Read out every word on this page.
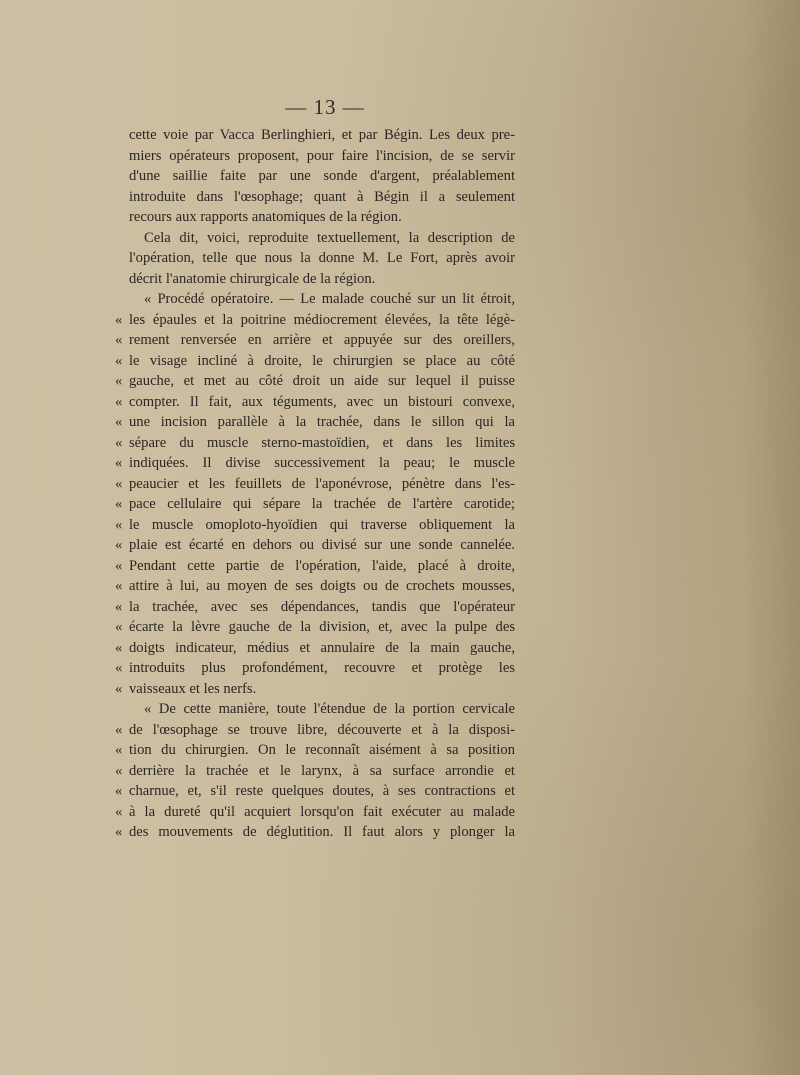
— 13 —
cette voie par Vacca Berlinghieri, et par Bégin. Les deux pre-
miers opérateurs proposent, pour faire l'incision, de se servir
d'une saillie faite par une sonde d'argent, préalablement
introduite dans l'œsophage; quant à Bégin il a seulement
recours aux rapports anatomiques de la région.
Cela dit, voici, reproduite textuellement, la description de
l'opération, telle que nous la donne M. Le Fort, après avoir
décrit l'anatomie chirurgicale de la région.
« Procédé opératoire. — Le malade couché sur un lit étroit,
« les épaules et la poitrine médiocrement élevées, la tête légè-
« rement renversée en arrière et appuyée sur des oreillers,
« le visage incliné à droite, le chirurgien se place au côté
« gauche, et met au côté droit un aide sur lequel il puisse
« compter. Il fait, aux téguments, avec un bistouri convexe,
« une incision parallèle à la trachée, dans le sillon qui la
« sépare du muscle sterno-mastoïdien, et dans les limites
« indiquées. Il divise successivement la peau; le muscle
« peaucier et les feuillets de l'aponévrose, pénètre dans l'es-
« pace cellulaire qui sépare la trachée de l'artère carotide;
« le muscle omoploto-hyoïdien qui traverse obliquement la
« plaie est écarté en dehors ou divisé sur une sonde cannelée.
« Pendant cette partie de l'opération, l'aide, placé à droite,
« attire à lui, au moyen de ses doigts ou de crochets mousses,
« la trachée, avec ses dépendances, tandis que l'opérateur
« écarte la lèvre gauche de la division, et, avec la pulpe des
« doigts indicateur, médius et annulaire de la main gauche,
« introduits plus profondément, recouvre et protège les
« vaisseaux et les nerfs.
« De cette manière, toute l'étendue de la portion cervicale
« de l'œsophage se trouve libre, découverte et à la disposi-
« tion du chirurgien. On le reconnaît aisément à sa position
« derrière la trachée et le larynx, à sa surface arrondie et
« charnue, et, s'il reste quelques doutes, à ses contractions et
« à la dureté qu'il acquiert lorsqu'on fait exécuter au malade
« des mouvements de déglutition. Il faut alors y plonger la
